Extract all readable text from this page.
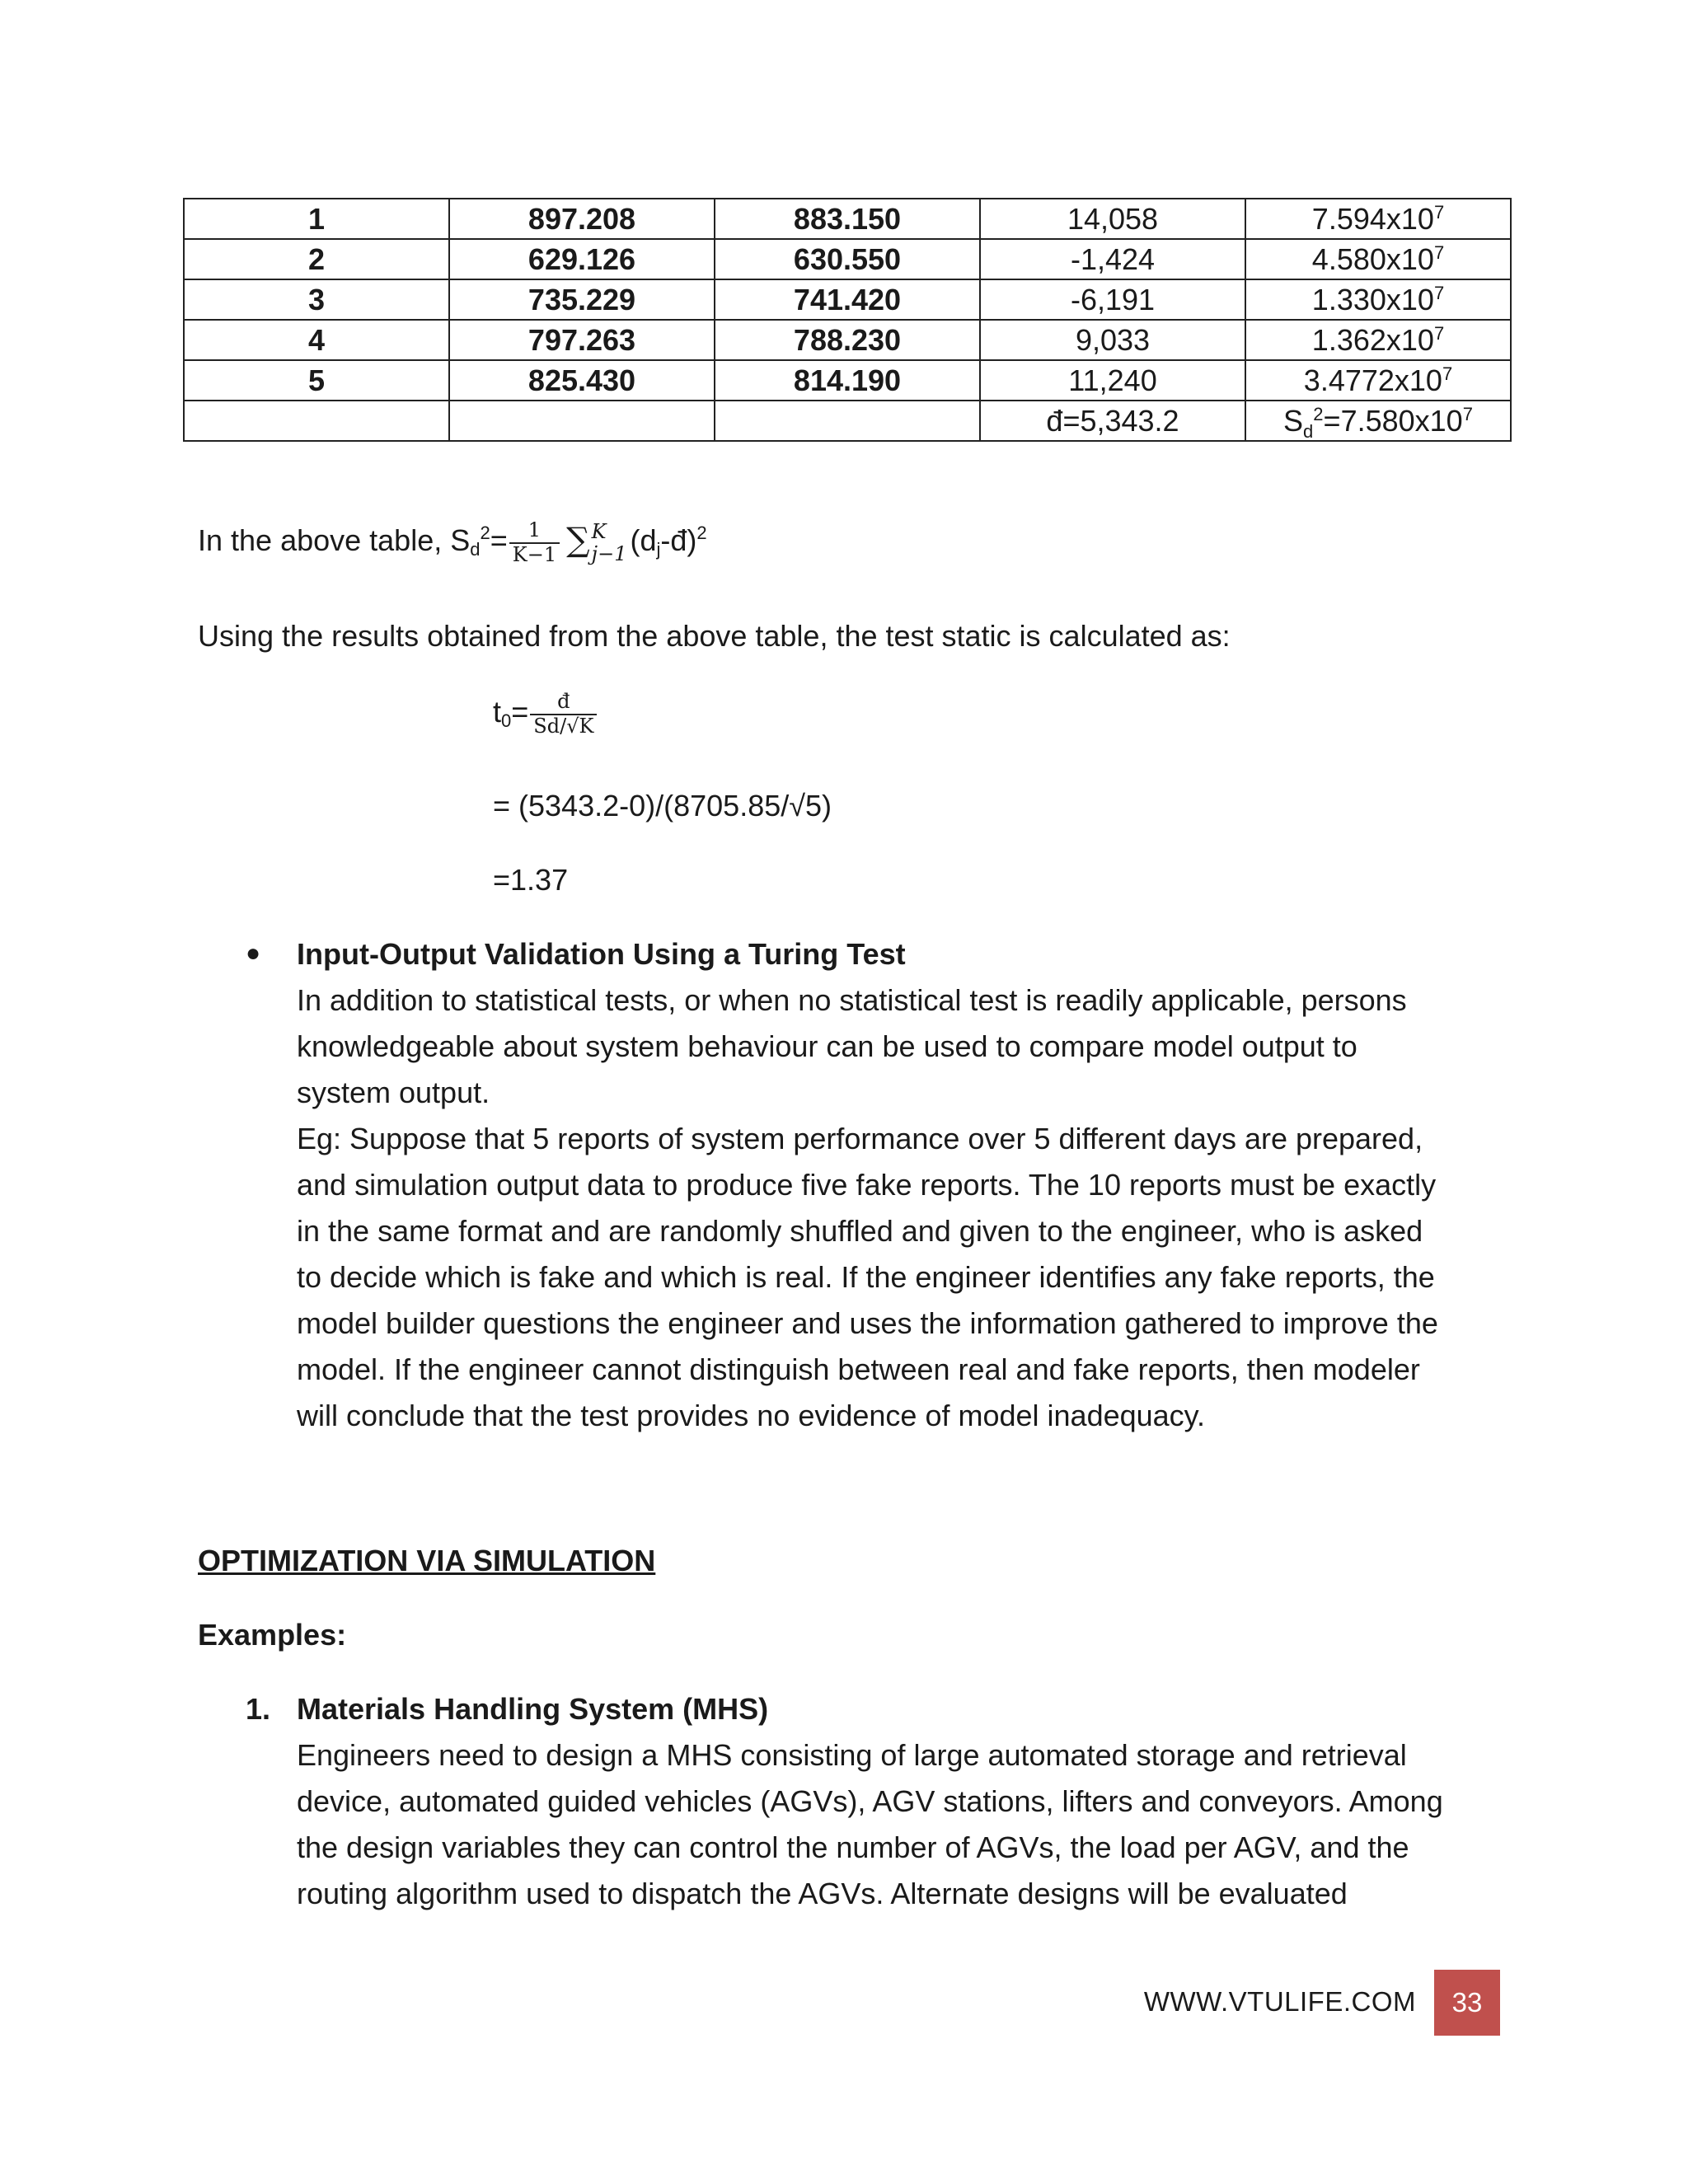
1	897.208	883.150	14,058	$7.594x10^7$
2	629.126	630.550	-1,424	$4.580x10^7$
3	735.229	741.420	-6,191	$1.330x10^7$
4	797.263	788.230	9,033	$1.362x10^7$
5	825.430	814.190	11,240	$3.4772x10^7$
			đ=5,343.2	$S_d^2=7.580x10^7$
In the above table, $Sd^2= \frac{1}{K-1}$ ∑ K
j−1 (dj-đ)$^2$
Using the results obtained from the above table, the test static is calculated as:
$t0= \frac{đ}{Sd/√K}$
= (5343.2-0)/(8705.85/√5)
=1.37
● Input-Output Validation Using a Turing Test
In addition to statistical tests, or when no statistical test is readily applicable, persons
knowledgeable about system behaviour can be used to compare model output to
system output.
Eg: Suppose that 5 reports of system performance over 5 different days are prepared,
and simulation output data to produce five fake reports. The 10 reports must be exactly
in the same format and are randomly shuffled and given to the engineer, who is asked
to decide which is fake and which is real. If the engineer identifies any fake reports, the
model builder questions the engineer and uses the information gathered to improve the
model. If the engineer cannot distinguish between real and fake reports, then modeler
will conclude that the test provides no evidence of model inadequacy.
OPTIMIZATION VIA SIMULATION
Examples:
1. Materials Handling System (MHS)
Engineers need to design a MHS consisting of large automated storage and retrieval
device, automated guided vehicles (AGVs), AGV stations, lifters and conveyors. Among
the design variables they can control the number of AGVs, the load per AGV, and the
routing algorithm used to dispatch the AGVs. Alternate designs will be evaluated
WWW.VTULIFE.COM	33
